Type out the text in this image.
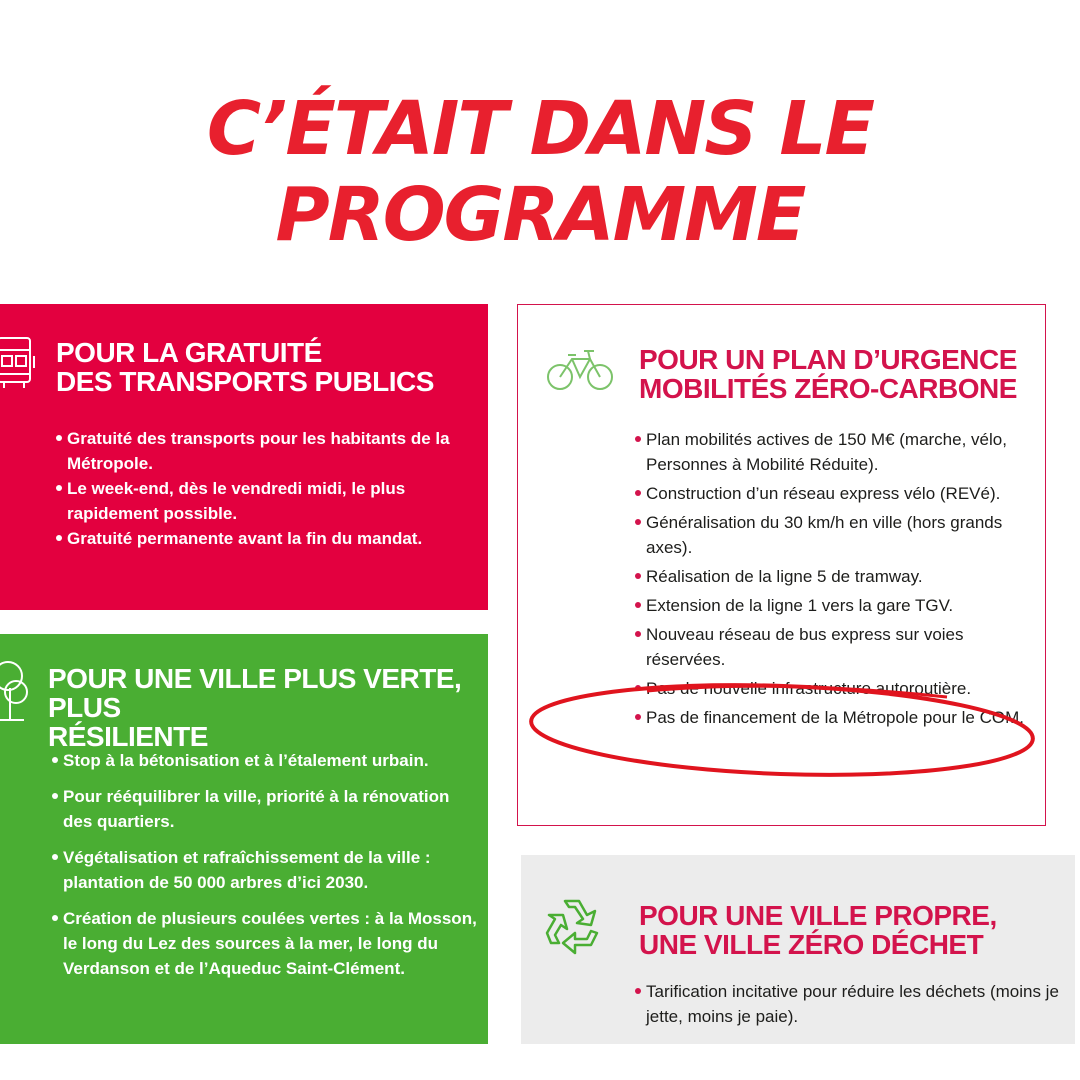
C’ÉTAIT DANS LE
PROGRAMME
POUR LA GRATUITÉ
DES TRANSPORTS PUBLICS
Gratuité des transports pour les habitants de la Métropole.
Le week-end, dès le vendredi midi, le plus rapidement possible.
Gratuité permanente avant la fin du mandat.
POUR UNE VILLE PLUS VERTE, PLUS
RÉSILIENTE
Stop à la bétonisation et à l’étalement urbain.
Pour rééquilibrer la ville, priorité à la rénovation des quartiers.
Végétalisation et rafraîchissement de la ville : plantation de 50 000 arbres d’ici 2030.
Création de plusieurs coulées vertes : à la Mosson, le long du Lez des sources à la mer, le long du Verdanson et de l’Aqueduc Saint-Clément.
POUR UN PLAN D’URGENCE
MOBILITÉS ZÉRO-CARBONE
Plan mobilités actives de 150 M€ (marche, vélo, Personnes à Mobilité Réduite).
Construction d’un réseau express vélo (REVé).
Généralisation du 30 km/h en ville (hors grands axes).
Réalisation de la ligne 5 de tramway.
Extension de la ligne 1 vers la gare TGV.
Nouveau réseau de bus express sur voies réservées.
Pas de nouvelle infrastructure autoroutière.
Pas de financement de la Métropole pour le COM.
POUR UNE VILLE PROPRE,
UNE VILLE ZÉRO DÉCHET
Tarification incitative pour réduire les déchets (moins je jette, moins je paie).
